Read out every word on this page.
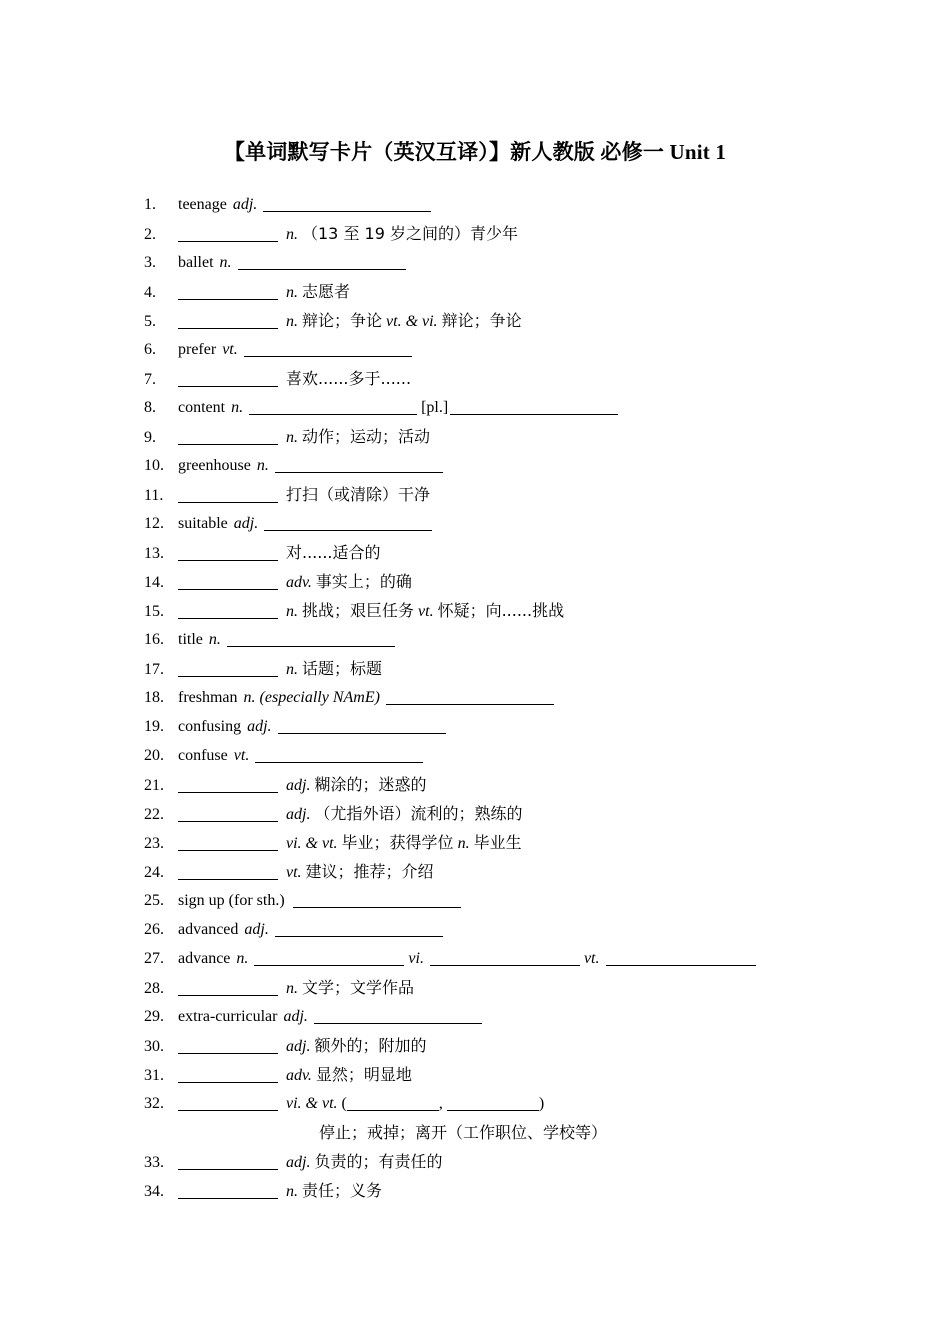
【单词默写卡片（英汉互译）】新人教版 必修一 Unit 1
1. teenage adj.
2.	n. （13 至 19 岁之间的）青少年
3. ballet n.
4.	n. 志愿者
5.	n. 辩论；争论 vt. & vi. 辩论；争论
6. prefer vt.
7.	喜欢......多于......
8. content n.	[pl.]
9.	n. 动作；运动；活动
10. greenhouse n.
11.	打扫（或清除）干净
12. suitable adj.
13.	对......适合的
14.	adv. 事实上；的确
15.	n. 挑战；艰巨任务 vt. 怀疑；向......挑战
16. title n.
17.	n. 话题；标题
18. freshman n. (especially NAmE)
19. confusing adj.
20. confuse vt.
21.	adj. 糊涂的；迷惑的
22.	adj. （尤指外语）流利的；熟练的
23.	vi. & vt. 毕业；获得学位 n. 毕业生
24.	vt. 建议；推荐；介绍
25. sign up (for sth.)
26. advanced adj.
27. advance n.	vi.	vt.
28.	n. 文学；文学作品
29. extra-curricular adj.
30.	adj. 额外的；附加的
31.	adv. 显然；明显地
32.	vi. & vt. (	,	)
停止；戒掉；离开（工作职位、学校等）
33.	adj. 负责的；有责任的
34.	n. 责任；义务
